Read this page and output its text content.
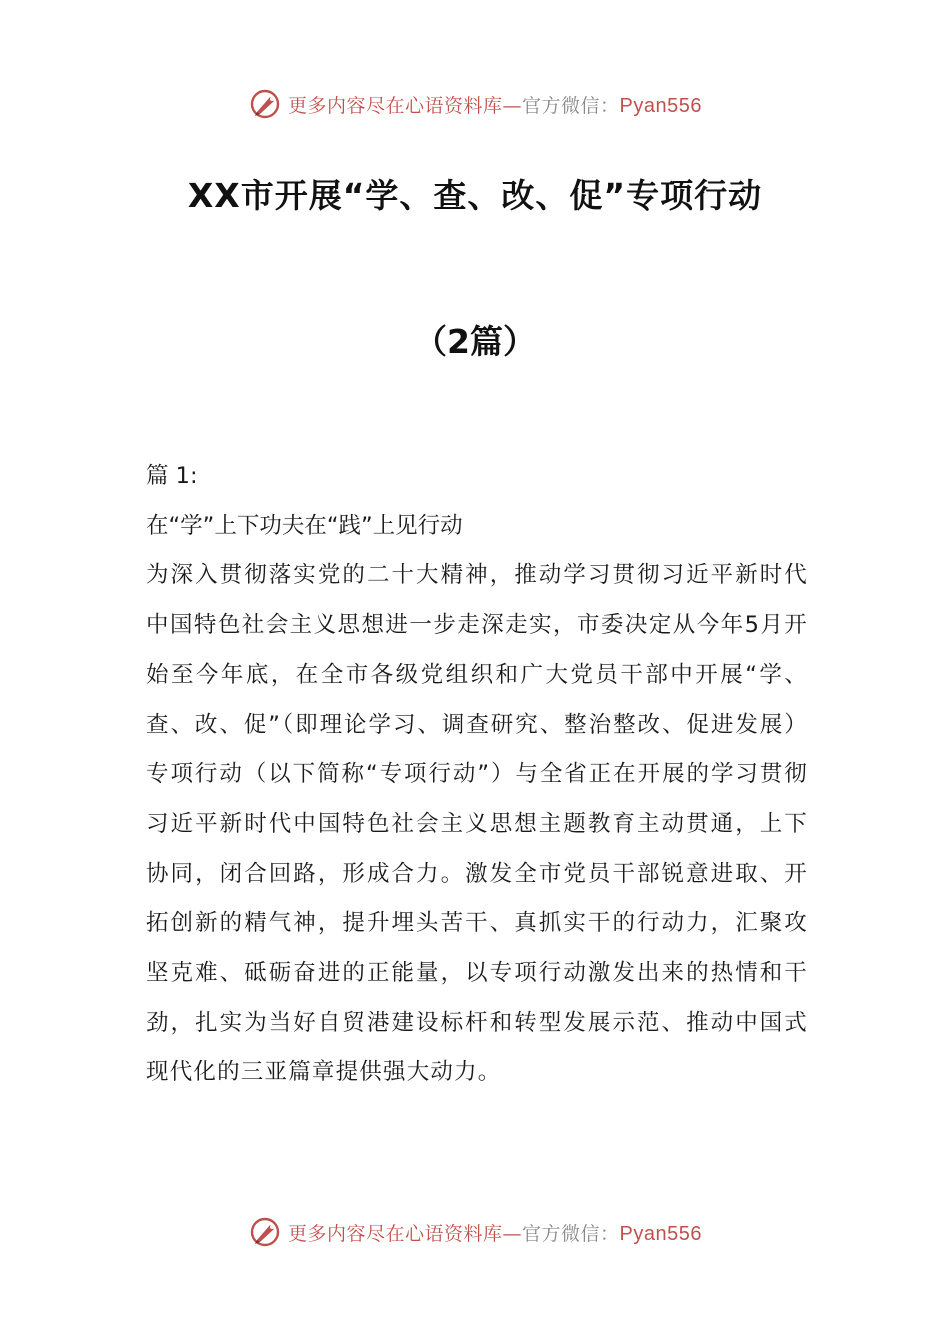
更多内容尽在心语资料库—官方微信：Pyan556
XX市开展“学、查、改、促”专项行动
（2篇）

篇 1:

在“学”上下功夫在“践”上见行动

为深入贯彻落实党的二十大精神，推动学习贯彻习近平新时代中国特色社会主义思想进一步走深走实，市委决定从今年5月开始至今年底，在全市各级党组织和广大党员干部中开展“学、查、改、促”（即理论学习、调查研究、整治整改、促进发展）专项行动（以下简称“专项行动”）与全省正在开展的学习贯彻习近平新时代中国特色社会主义思想主题教育主动贯通，上下协同，闭合回路，形成合力。激发全市党员干部锐意进取、开拓创新的精气神，提升埋头苦干、真抓实干的行动力，汇聚攻坚克难、砥砺奋进的正能量，以专项行动激发出来的热情和干劲，扎实为当好自贸港建设标杆和转型发展示范、推动中国式现代化的三亚篇章提供强大动力。

更多内容尽在心语资料库—官方微信：Pyan556
